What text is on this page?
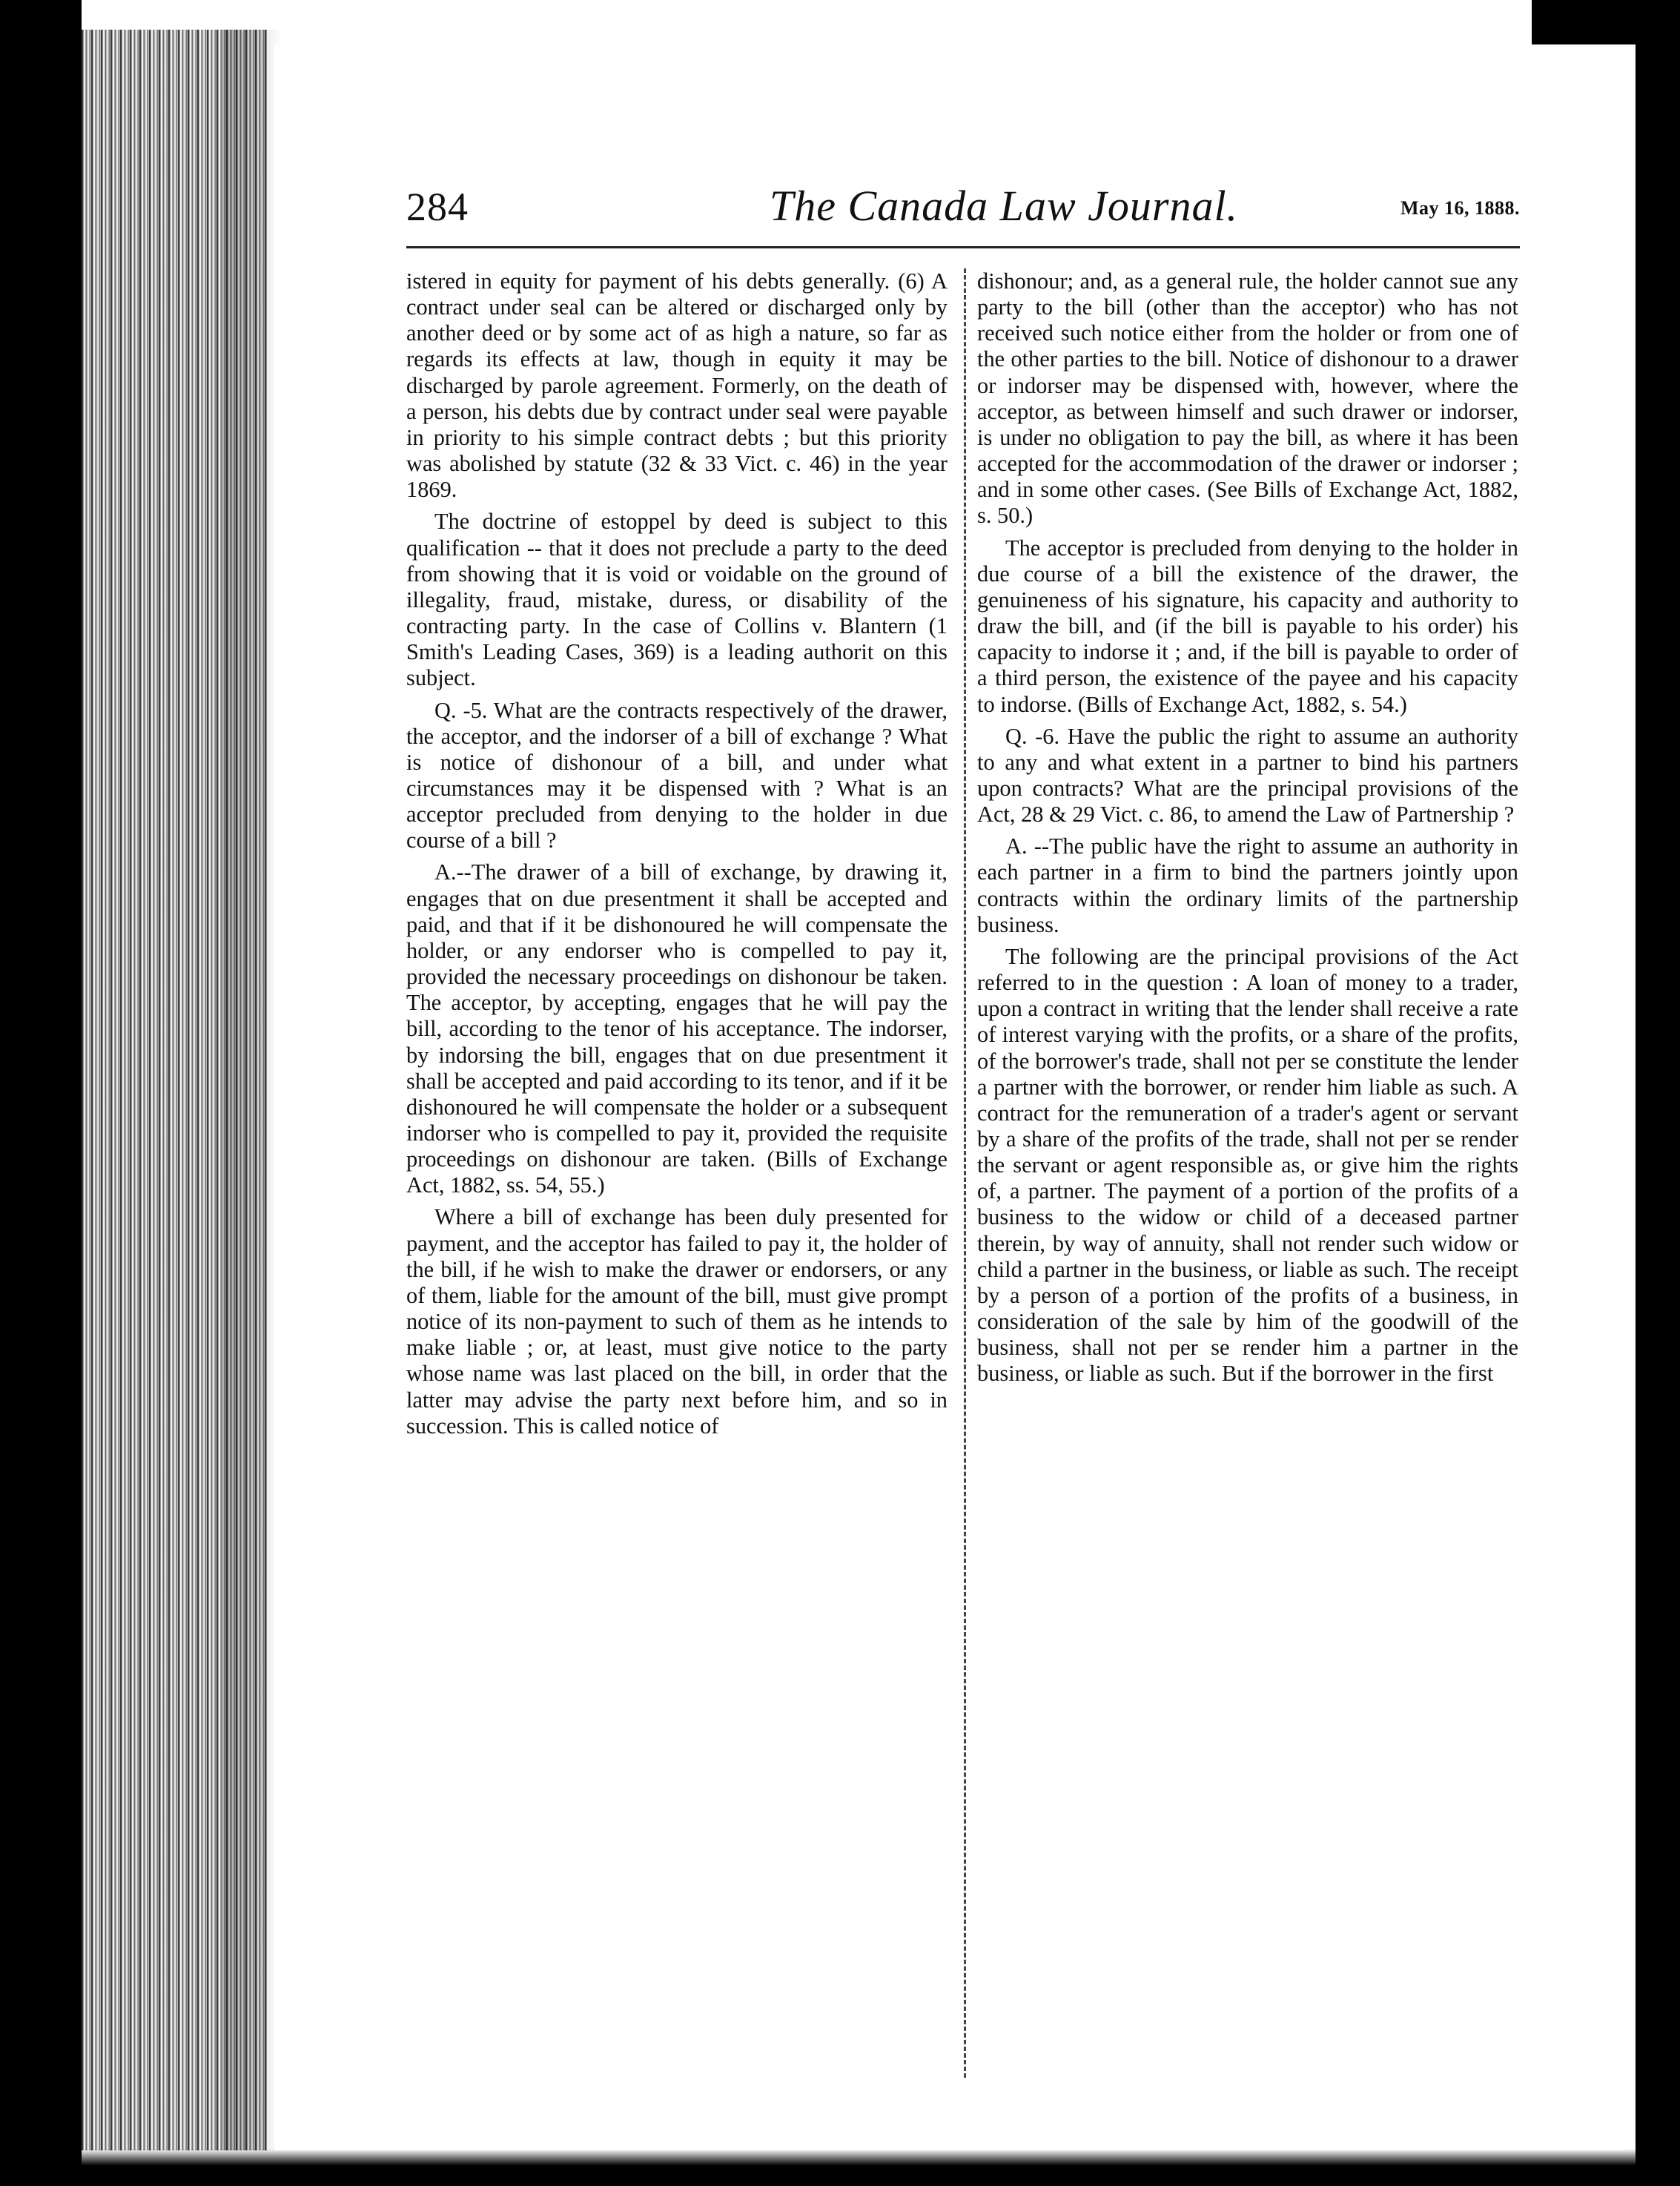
284	The Canada Law Journal.	May 16, 1888.

istered in equity for payment of his debts generally. (6) A contract under seal can be altered or discharged only by another deed or by some act of as high a nature, so far as regards its effects at law, though in equity it may be discharged by parole agreement. Formerly, on the death of a person, his debts due by contract under seal were payable in priority to his simple contract debts ; but this priority was abolished by statute (32 & 33 Vict. c. 46) in the year 1869.

The doctrine of estoppel by deed is subject to this qualification -- that it does not preclude a party to the deed from showing that it is void or voidable on the ground of illegality, fraud, mistake, duress, or disability of the contracting party. In the case of Collins v. Blantern (1 Smith's Leading Cases, 369) is a leading authorit on this subject.

Q. -5. What are the contracts respectively of the drawer, the acceptor, and the indorser of a bill of exchange ? What is notice of dishonour of a bill, and under what circumstances may it be dispensed with ? What is an acceptor precluded from denying to the holder in due course of a bill ?

A.--The drawer of a bill of exchange, by drawing it, engages that on due presentment it shall be accepted and paid, and that if it be dishonoured he will compensate the holder, or any endorser who is compelled to pay it, provided the necessary proceedings on dishonour be taken. The acceptor, by accepting, engages that he will pay the bill, according to the tenor of his acceptance. The indorser, by indorsing the bill, engages that on due presentment it shall be accepted and paid according to its tenor, and if it be dishonoured he will compensate the holder or a subsequent indorser who is compelled to pay it, provided the requisite proceedings on dishonour are taken. (Bills of Exchange Act, 1882, ss. 54, 55.)

Where a bill of exchange has been duly presented for payment, and the acceptor has failed to pay it, the holder of the bill, if he wish to make the drawer or endorsers, or any of them, liable for the amount of the bill, must give prompt notice of its non-payment to such of them as he intends to make liable ; or, at least, must give notice to the party whose name was last placed on the bill, in order that the latter may advise the party next before him, and so in succession. This is called notice of

dishonour; and, as a general rule, the holder cannot sue any party to the bill (other than the acceptor) who has not received such notice either from the holder or from one of the other parties to the bill. Notice of dishonour to a drawer or indorser may be dispensed with, however, where the acceptor, as between himself and such drawer or indorser, is under no obligation to pay the bill, as where it has been accepted for the accommodation of the drawer or indorser ; and in some other cases. (See Bills of Exchange Act, 1882, s. 50.)

The acceptor is precluded from denying to the holder in due course of a bill the existence of the drawer, the genuineness of his signature, his capacity and authority to draw the bill, and (if the bill is payable to his order) his capacity to indorse it ; and, if the bill is payable to order of a third person, the existence of the payee and his capacity to indorse. (Bills of Exchange Act, 1882, s. 54.)

Q. -6. Have the public the right to assume an authority to any and what extent in a partner to bind his partners upon contracts? What are the principal provisions of the Act, 28 & 29 Vict. c. 86, to amend the Law of Partnership ?

A. --The public have the right to assume an authority in each partner in a firm to bind the partners jointly upon contracts within the ordinary limits of the partnership business.

The following are the principal provisions of the Act referred to in the question : A loan of money to a trader, upon a contract in writing that the lender shall receive a rate of interest varying with the profits, or a share of the profits, of the borrower's trade, shall not per se constitute the lender a partner with the borrower, or render him liable as such. A contract for the remuneration of a trader's agent or servant by a share of the profits of the trade, shall not per se render the servant or agent responsible as, or give him the rights of, a partner. The payment of a portion of the profits of a business to the widow or child of a deceased partner therein, by way of annuity, shall not render such widow or child a partner in the business, or liable as such. The receipt by a person of a portion of the profits of a business, in consideration of the sale by him of the goodwill of the business, shall not per se render him a partner in the business, or liable as such. But if the borrower in the first
